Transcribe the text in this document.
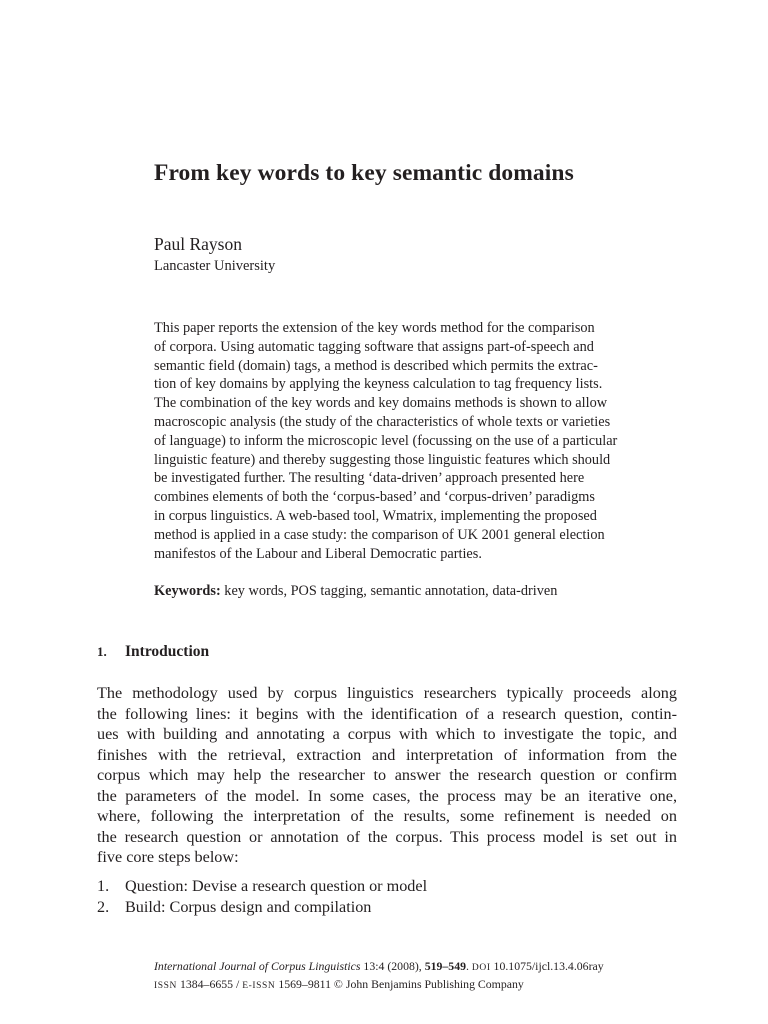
From key words to key semantic domains
Paul Rayson
Lancaster University
This paper reports the extension of the key words method for the comparison
of corpora. Using automatic tagging software that assigns part-of-speech and
semantic field (domain) tags, a method is described which permits the extrac-
tion of key domains by applying the keyness calculation to tag frequency lists.
The combination of the key words and key domains methods is shown to allow
macroscopic analysis (the study of the characteristics of whole texts or varieties
of language) to inform the microscopic level (focussing on the use of a particular
linguistic feature) and thereby suggesting those linguistic features which should
be investigated further. The resulting ‘data-driven’ approach presented here
combines elements of both the ‘corpus-based’ and ‘corpus-driven’ paradigms
in corpus linguistics. A web-based tool, Wmatrix, implementing the proposed
method is applied in a case study: the comparison of UK 2001 general election
manifestos of the Labour and Liberal Democratic parties.
Keywords: key words, POS tagging, semantic annotation, data-driven
1. Introduction
The methodology used by corpus linguistics researchers typically proceeds along
the following lines: it begins with the identification of a research question, contin-
ues with building and annotating a corpus with which to investigate the topic, and
finishes with the retrieval, extraction and interpretation of information from the
corpus which may help the researcher to answer the research question or confirm
the parameters of the model. In some cases, the process may be an iterative one,
where, following the interpretation of the results, some refinement is needed on
the research question or annotation of the corpus. This process model is set out in
five core steps below:
1. Question: Devise a research question or model
2. Build: Corpus design and compilation
International Journal of Corpus Linguistics 13:4 (2008), 519–549. DOI 10.1075/ijcl.13.4.06ray
ISSN 1384–6655 / E-ISSN 1569–9811 © John Benjamins Publishing Company
